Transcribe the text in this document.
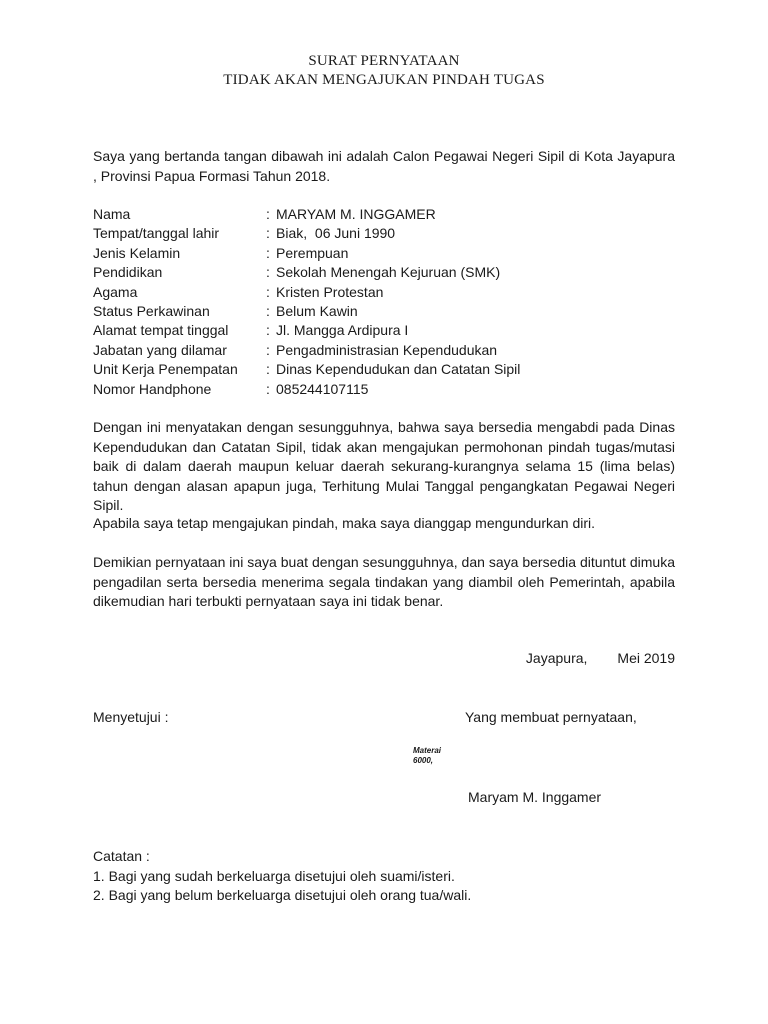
SURAT PERNYATAAN
TIDAK AKAN MENGAJUKAN PINDAH TUGAS

Saya yang bertanda tangan dibawah ini adalah Calon Pegawai Negeri Sipil di Kota Jayapura , Provinsi Papua Formasi Tahun 2018.

Nama	: MARYAM M. INGGAMER
Tempat/tanggal lahir	: Biak,  06 Juni 1990
Jenis Kelamin	: Perempuan
Pendidikan	: Sekolah Menengah Kejuruan (SMK)
Agama	: Kristen Protestan
Status Perkawinan	: Belum Kawin
Alamat tempat tinggal	: Jl. Mangga Ardipura I
Jabatan yang dilamar	: Pengadministrasian Kependudukan
Unit Kerja Penempatan	: Dinas Kependudukan dan Catatan Sipil
Nomor Handphone	: 085244107115

Dengan ini menyatakan dengan sesungguhnya, bahwa saya bersedia mengabdi pada Dinas Kependudukan dan Catatan Sipil, tidak akan mengajukan permohonan pindah tugas/mutasi baik di dalam daerah maupun keluar daerah sekurang-kurangnya selama 15 (lima belas) tahun dengan alasan apapun juga, Terhitung Mulai Tanggal pengangkatan Pegawai Negeri Sipil.

Apabila saya tetap mengajukan pindah, maka saya dianggap mengundurkan diri.

Demikian pernyataan ini saya buat dengan sesungguhnya, dan saya bersedia dituntut dimuka pengadilan serta bersedia menerima segala tindakan yang diambil oleh Pemerintah, apabila dikemudian hari terbukti pernyataan saya ini tidak benar.

Jayapura, Mei 2019

Menyetujui :	Yang membuat pernyataan,

Materai
6000,

Maryam M. Inggamer

Catatan :
1. Bagi yang sudah berkeluarga disetujui oleh suami/isteri.
2. Bagi yang belum berkeluarga disetujui oleh orang tua/wali.
